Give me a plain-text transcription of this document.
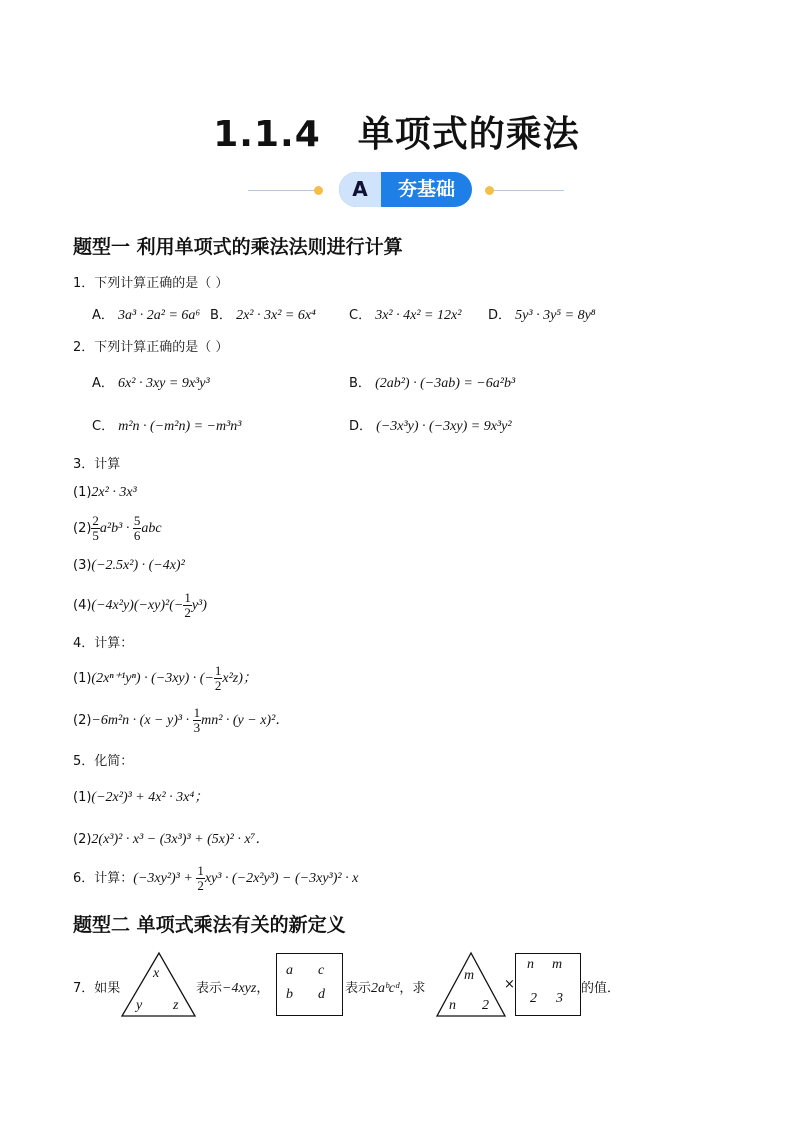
1.1.4　单项式的乘法
A	夯基础
题型一 利用单项式的乘法法则进行计算
1．下列计算正确的是（ ）
A． 3a³ · 2a² = 6a⁶ B． 2x² · 3x² = 6x⁴	C． 3x² · 4x² = 12x² D． 5y³ · 3y⁵ = 8y⁸
2．下列计算正确的是（ ）
A． 6x² · 3xy = 9x³y³	B． (2ab²) · (−3ab) = −6a²b³
C． m²n · (−m²n) = −m³n³	D． (−3x³y) · (−3xy) = 9x³y²
3．计算
(1)2x² · 3x³
$(2) \frac{2}{5} a^2b^3 \cdot \frac{5}{6}$ abc
(3)(−2.5x²) · (−4x)²
$(4)(-4x^2y)(-xy)^2(- \frac{1}{2} y^3)$
4．计算：
(1)(2xⁿ⁺¹yⁿ) · (−3xy) · (− $\frac{1}{2} x^2z$)；
$(2)-6m^2n \cdot (x - y)^3 \cdot \frac{1}{3} mn^2 \cdot (y - x)^2$．
5．化简：
(1)(−2x²)³ + 4x² · 3x⁴；
(2)2(x³)² · x³ − (3x³)³ + (5x)² · x⁷．
6．计算：$(-3xy^2)^3 + \frac{1}{2} xy^3 \cdot (-2x^2y^3) - (-3xy^3)^2 \cdot x$
题型二 单项式乘法有关的新定义
7．如果
x
y z
表示−4xyz，
a c
b d 表示2aᵇcᵈ，求
m
n 2
×
n m
2 3
的值．
